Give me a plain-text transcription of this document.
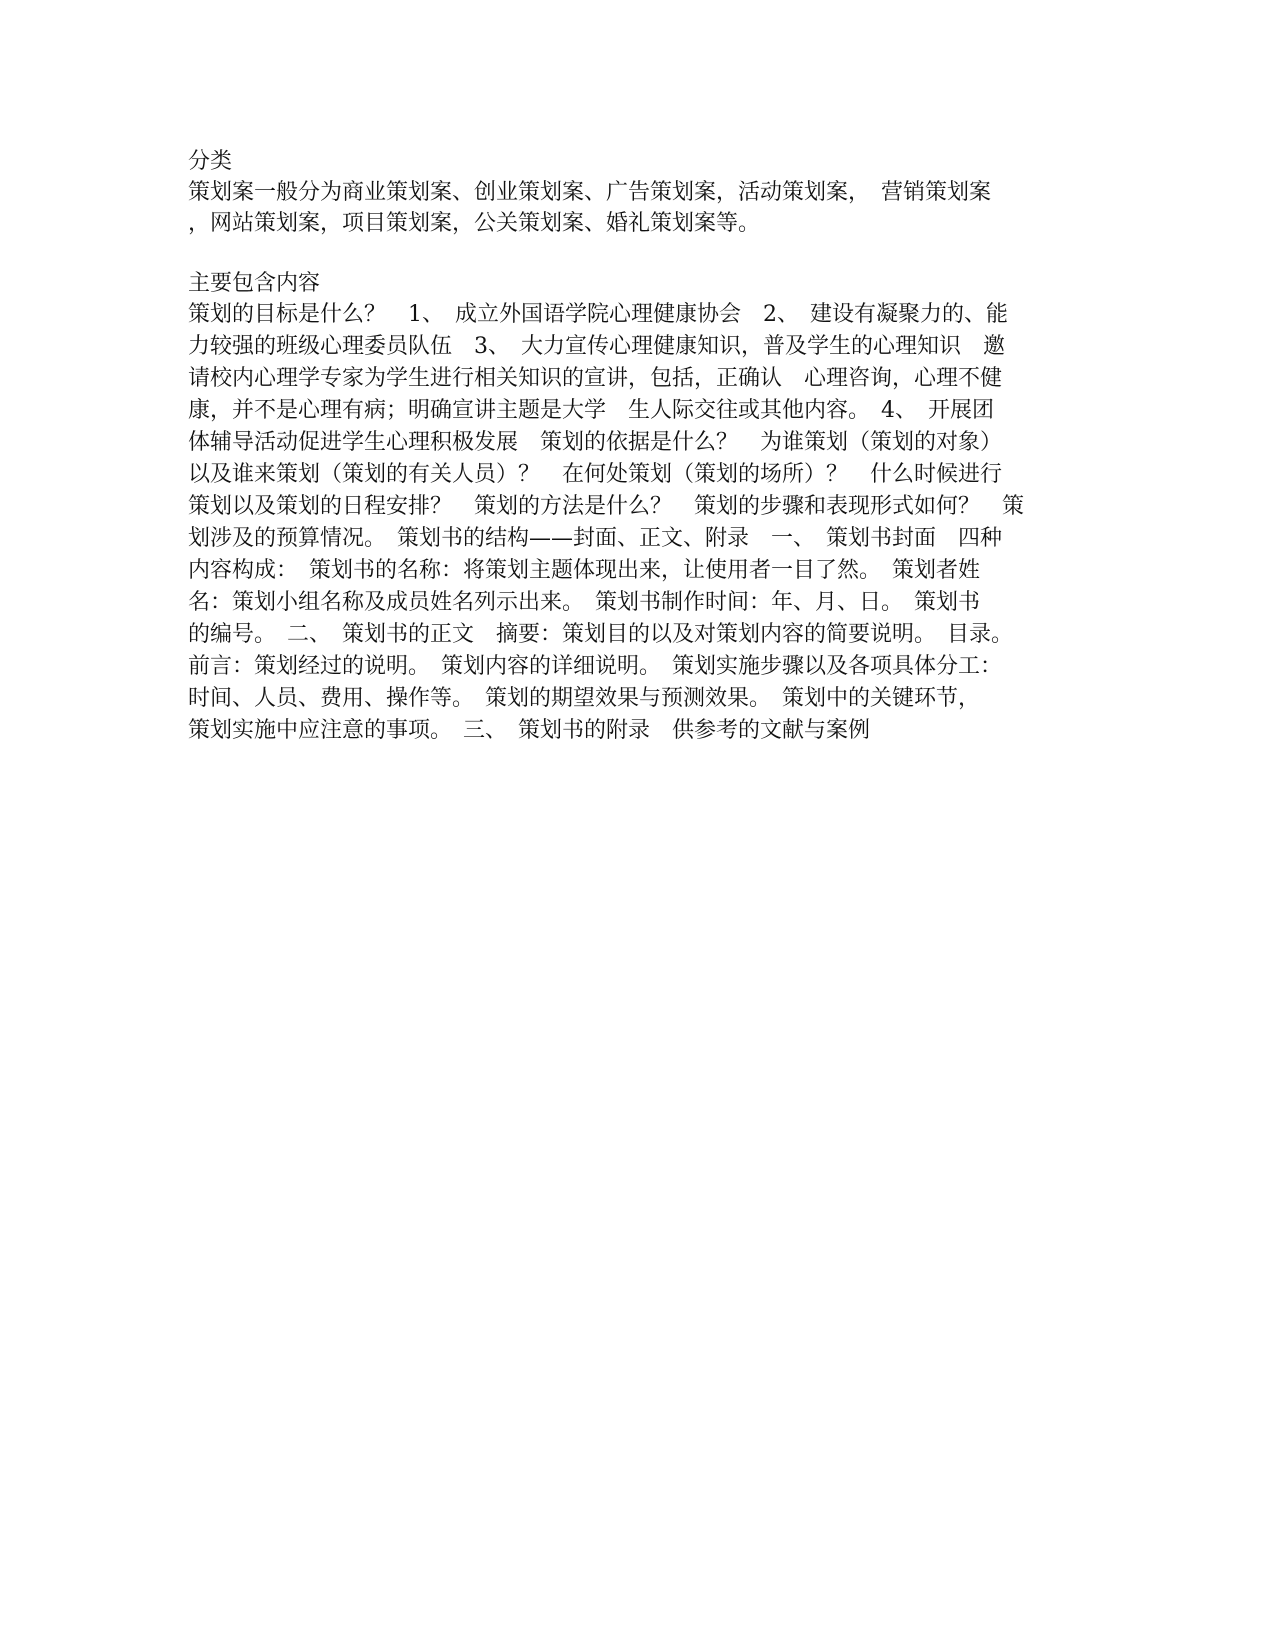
分类
策划案一般分为商业策划案、创业策划案、广告策划案，活动策划案，　营销策划案
，网站策划案，项目策划案，公关策划案、婚礼策划案等。
主要包含内容
策划的目标是什么？　1、　成立外国语学院心理健康协会　2、　建设有凝聚力的、能
力较强的班级心理委员队伍　3、　大力宣传心理健康知识，普及学生的心理知识　邀
请校内心理学专家为学生进行相关知识的宣讲，包括，正确认　心理咨询，心理不健
康，并不是心理有病；明确宣讲主题是大学　生人际交往或其他内容。　4、　开展团
体辅导活动促进学生心理积极发展　策划的依据是什么？　为谁策划（策划的对象）
以及谁来策划（策划的有关人员）？　在何处策划（策划的场所）？　什么时候进行
策划以及策划的日程安排？　策划的方法是什么？　策划的步骤和表现形式如何？　策
划涉及的预算情况。　策划书的结构——封面、正文、附录　一、　策划书封面　四种
内容构成：　策划书的名称：将策划主题体现出来，让使用者一目了然。　策划者姓
名：策划小组名称及成员姓名列示出来。　策划书制作时间：年、月、日。　策划书
的编号。　二、　策划书的正文　摘要：策划目的以及对策划内容的简要说明。　目录。
前言：策划经过的说明。　策划内容的详细说明。　策划实施步骤以及各项具体分工：
时间、人员、费用、操作等。　策划的期望效果与预测效果。　策划中的关键环节，
策划实施中应注意的事项。　三、　策划书的附录　供参考的文献与案例
